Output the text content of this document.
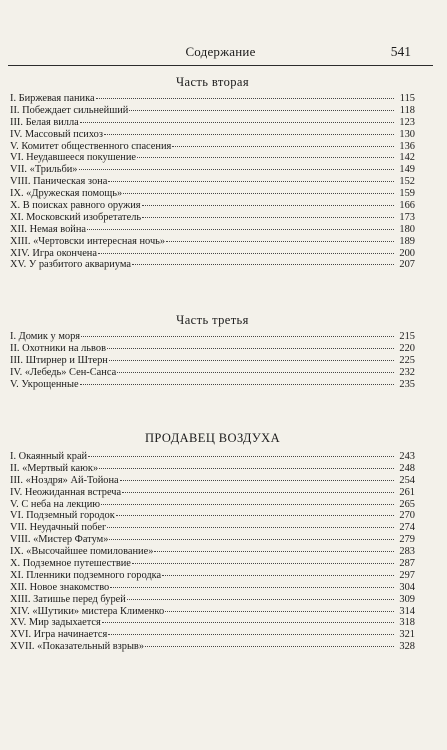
Содержание	541
Часть вторая
I. Биржевая паника	115
II. Побеждает сильнейший	118
III. Белая вилла	123
IV. Массовый психоз	130
V. Комитет общественного спасения	136
VI. Неудавшееся покушение	142
VII. «Трильби»	149
VIII. Паническая зона	152
IX. «Дружеская помощь»	159
X. В поисках равного оружия	166
XI. Московский изобретатель	173
XII. Немая война	180
XIII. «Чертовски интересная ночь»	189
XIV. Игра окончена	200
XV. У разбитого аквариума	207
Часть третья
I. Домик у моря	215
II. Охотники на львов	220
III. Штирнер и Штерн	225
IV. «Лебедь» Сен-Санса	232
V. Укрощенные	235
ПРОДАВЕЦ ВОЗДУХА
I. Окаянный край	243
II. «Мертвый каюк»	248
III. «Ноздря» Ай-Тойона	254
IV. Неожиданная встреча	261
V. С неба на лекцию	265
VI. Подземный городок	270
VII. Неудачный побег	274
VIII. «Мистер Фатум»	279
IX. «Высочайшее помилование»	283
X. Подземное путешествие	287
XI. Пленники подземного городка	297
XII. Новое знакомство	304
XIII. Затишье перед бурей	309
XIV. «Шутики» мистера Клименко	314
XV. Мир задыхается	318
XVI. Игра начинается	321
XVII. «Показательный взрыв»	328
